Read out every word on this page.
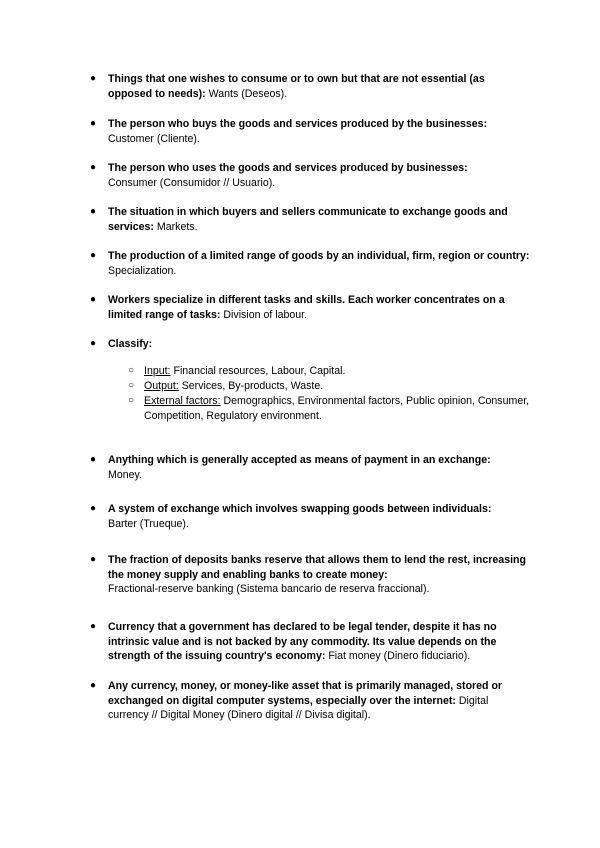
● Things that one wishes to consume or to own but that are not essential (as opposed to needs): Wants (Deseos).
● The person who buys the goods and services produced by the businesses:
Customer (Cliente).
● The person who uses the goods and services produced by businesses:
Consumer (Consumidor // Usuario).
● The situation in which buyers and sellers communicate to exchange goods and services: Markets.
● The production of a limited range of goods by an individual, firm, region or country: Specialization.
● Workers specialize in different tasks and skills. Each worker concentrates on a limited range of tasks: Division of labour.
● Classify:
○ Input: Financial resources, Labour, Capital.
○ Output: Services, By-products, Waste.
○ External factors: Demographics, Environmental factors, Public opinion, Consumer, Competition, Regulatory environment.
● Anything which is generally accepted as means of payment in an exchange:
Money.
● A system of exchange which involves swapping goods between individuals:
Barter (Trueque).
● The fraction of deposits banks reserve that allows them to lend the rest, increasing the money supply and enabling banks to create money:
Fractional-reserve banking (Sistema bancario de reserva fraccional).
● Currency that a government has declared to be legal tender, despite it has no intrinsic value and is not backed by any commodity. Its value depends on the strength of the issuing country's economy: Fiat money (Dinero fiduciario).
● Any currency, money, or money-like asset that is primarily managed, stored or exchanged on digital computer systems, especially over the internet: Digital currency // Digital Money (Dinero digital // Divisa digital).
